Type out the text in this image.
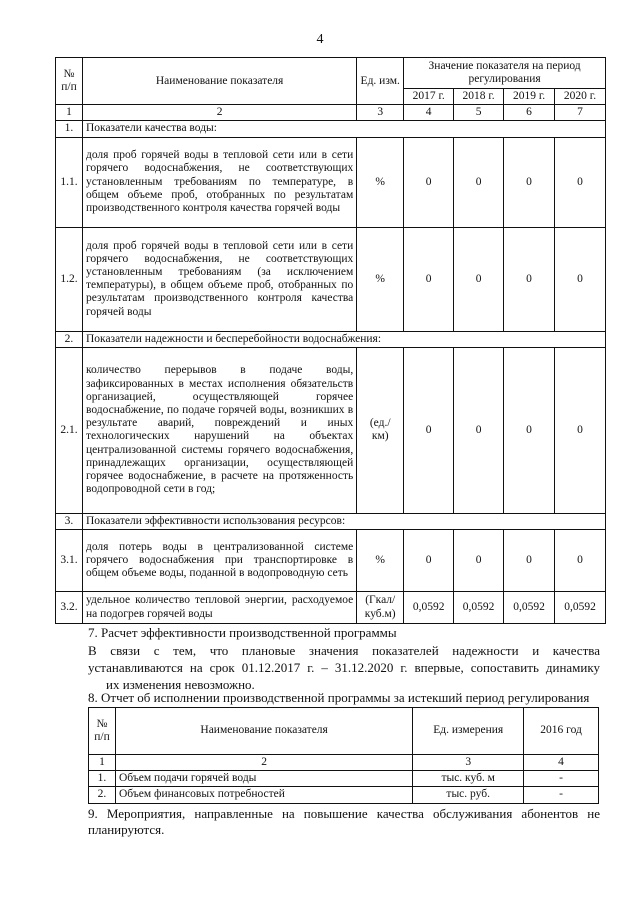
4
№ п/п	Наименование показателя	Ед. изм.	Значение показателя на период регулирования			
			2017 г.	2018 г.	2019 г.	2020 г.
1	2	3	4	5	6	7
1.	Показатели качества воды:					
1.1.	доля проб горячей воды в тепловой сети или в сети горячего водоснабжения, не соответствующих установленным требованиям по температуре, в общем объеме проб, отобранных по результатам производственного контроля качества горячей воды	%	0	0	0	0
1.2.	доля проб горячей воды в тепловой сети или в сети горячего водоснабжения, не соответствующих установленным требованиям (за исключением температуры), в общем объеме проб, отобранных по результатам производственного контроля качества горячей воды	%	0	0	0	0
2.	Показатели надежности и бесперебойности водоснабжения:					
2.1.	количество перерывов в подаче воды, зафиксированных в местах исполнения обязательств организацией, осуществляющей горячее водоснабжение, по подаче горячей воды, возникших в результате аварий, повреждений и иных технологических нарушений на объектах централизованной системы горячего водоснабжения, принадлежащих организации, осуществляющей горячее водоснабжение, в расчете на протяженность водопроводной сети в год;	(ед./ км)	0	0	0	0
3.	Показатели эффективности использования ресурсов:					
3.1.	доля потерь воды в централизованной системе горячего водоснабжения при транспортировке в общем объеме воды, поданной в водопроводную сеть	%	0	0	0	0
3.2.	удельное количество тепловой энергии, расходуемое на подогрев горячей воды	(Гкал/ куб.м)	0,0592	0,0592	0,0592	0,0592
7. Расчет эффективности производственной программы
В связи с тем, что плановые значения показателей надежности и качества
устанавливаются на срок 01.12.2017 г. – 31.12.2020 г. впервые, сопоставить динамику
их изменения невозможно.
8. Отчет об исполнении производственной программы за истекший период регулирования
№ п/п	Наименование показателя	Ед. измерения	2016 год
1	2	3	4
1.	Объем подачи горячей воды	тыс. куб. м	-
2.	Объем финансовых потребностей	тыс. руб.	-
9. Мероприятия, направленные на повышение качества обслуживания абонентов не
планируются.
